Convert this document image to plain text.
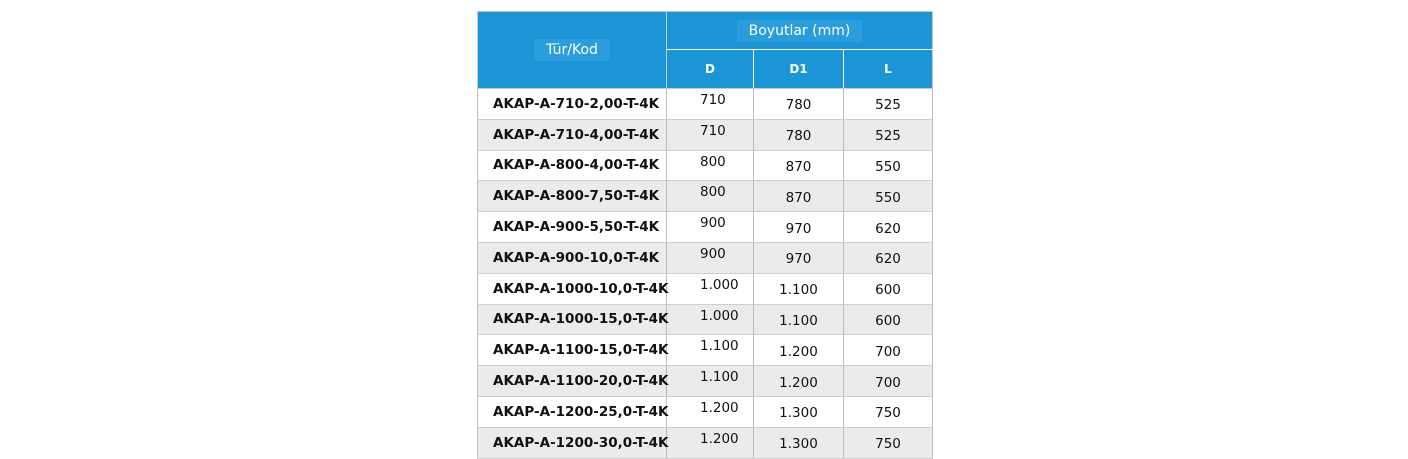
Tür/Kod	Boyutlar (mm)		
	D	D1	L
AKAP-A-710-2,00-T-4K	710	780	525
AKAP-A-710-4,00-T-4K	710	780	525
AKAP-A-800-4,00-T-4K	800	870	550
AKAP-A-800-7,50-T-4K	800	870	550
AKAP-A-900-5,50-T-4K	900	970	620
AKAP-A-900-10,0-T-4K	900	970	620
AKAP-A-1000-10,0-T-4K	1.000	1.100	600
AKAP-A-1000-15,0-T-4K	1.000	1.100	600
AKAP-A-1100-15,0-T-4K	1.100	1.200	700
AKAP-A-1100-20,0-T-4K	1.100	1.200	700
AKAP-A-1200-25,0-T-4K	1.200	1.300	750
AKAP-A-1200-30,0-T-4K	1.200	1.300	750
